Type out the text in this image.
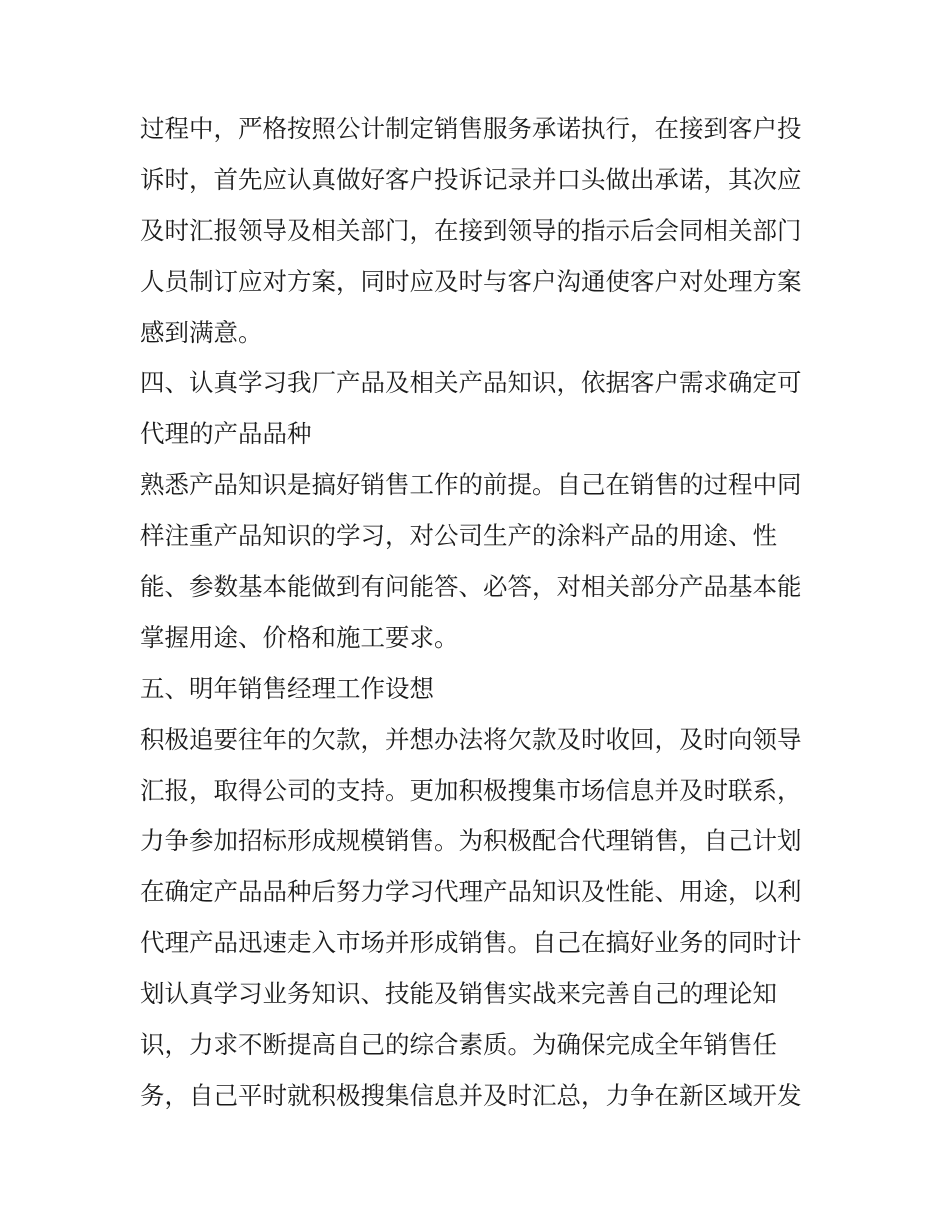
过程中，严格按照公计制定销售服务承诺执行，在接到客户投
诉时，首先应认真做好客户投诉记录并口头做出承诺，其次应
及时汇报领导及相关部门，在接到领导的指示后会同相关部门
人员制订应对方案，同时应及时与客户沟通使客户对处理方案
感到满意。
四、认真学习我厂产品及相关产品知识，依据客户需求确定可
代理的产品品种
熟悉产品知识是搞好销售工作的前提。自己在销售的过程中同
样注重产品知识的学习，对公司生产的涂料产品的用途、性
能、参数基本能做到有问能答、必答，对相关部分产品基本能
掌握用途、价格和施工要求。
五、明年销售经理工作设想
积极追要往年的欠款，并想办法将欠款及时收回，及时向领导
汇报，取得公司的支持。更加积极搜集市场信息并及时联系，
力争参加招标形成规模销售。为积极配合代理销售，自己计划
在确定产品品种后努力学习代理产品知识及性能、用途，以利
代理产品迅速走入市场并形成销售。自己在搞好业务的同时计
划认真学习业务知识、技能及销售实战来完善自己的理论知
识，力求不断提高自己的综合素质。为确保完成全年销售任
务，自己平时就积极搜集信息并及时汇总，力争在新区域开发
